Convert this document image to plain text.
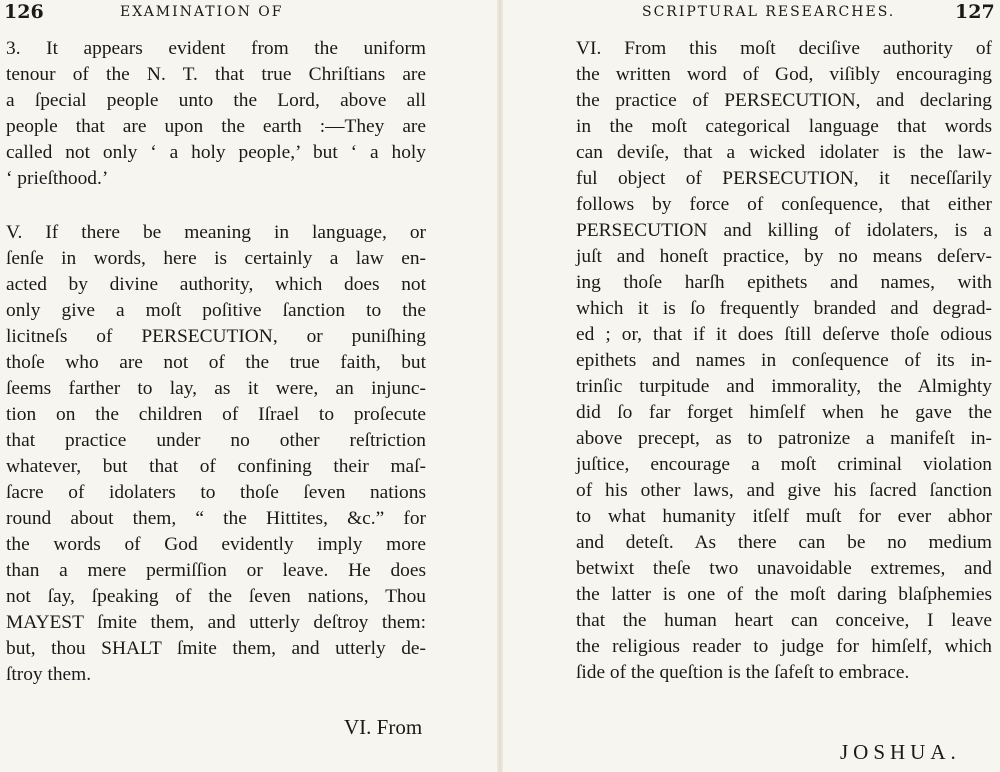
126	EXAMINATION OF
3. It appears evident from the uniform
tenour of the N. T. that true Chriſtians are
a ſpecial people unto the Lord, above all
people that are upon the earth :—They are
called not only ‘ a holy people,’ but ‘ a holy
‘ prieſthood.’
V. If there be meaning in language, or
ſenſe in words, here is certainly a law en-
acted by divine authority, which does not
only give a moſt poſitive ſanction to the
licitneſs of PERSECUTION, or puniſhing
thoſe who are not of the true faith, but
ſeems farther to lay, as it were, an injunc-
tion on the children of Iſrael to proſecute
that practice under no other reſtriction
whatever, but that of confining their maſ-
ſacre of idolaters to thoſe ſeven nations
round about them, “ the Hittites, &c.” for
the words of God evidently imply more
than a mere permiſſion or leave. He does
not ſay, ſpeaking of the ſeven nations, Thou
MAYEST ſmite them, and utterly deſtroy them:
but, thou SHALT ſmite them, and utterly de-
ſtroy them.
VI. From
SCRIPTURAL RESEARCHES.	127
VI. From this moſt deciſive authority of
the written word of God, viſibly encouraging
the practice of PERSECUTION, and declaring
in the moſt categorical language that words
can deviſe, that a wicked idolater is the law-
ful object of PERSECUTION, it neceſſarily
follows by force of conſequence, that either
PERSECUTION and killing of idolaters, is a
juſt and honeſt practice, by no means deſerv-
ing thoſe harſh epithets and names, with
which it is ſo frequently branded and degrad-
ed ; or, that if it does ſtill deſerve thoſe odious
epithets and names in conſequence of its in-
trinſic turpitude and immorality, the Almighty
did ſo far forget himſelf when he gave the
above precept, as to patronize a manifeſt in-
juſtice, encourage a moſt criminal violation
of his other laws, and give his ſacred ſanction
to what humanity itſelf muſt for ever abhor
and deteſt. As there can be no medium
betwixt theſe two unavoidable extremes, and
the latter is one of the moſt daring blaſphemies
that the human heart can conceive, I leave
the religious reader to judge for himſelf, which
ſide of the queſtion is the ſafeſt to embrace.
JOSHUA.
